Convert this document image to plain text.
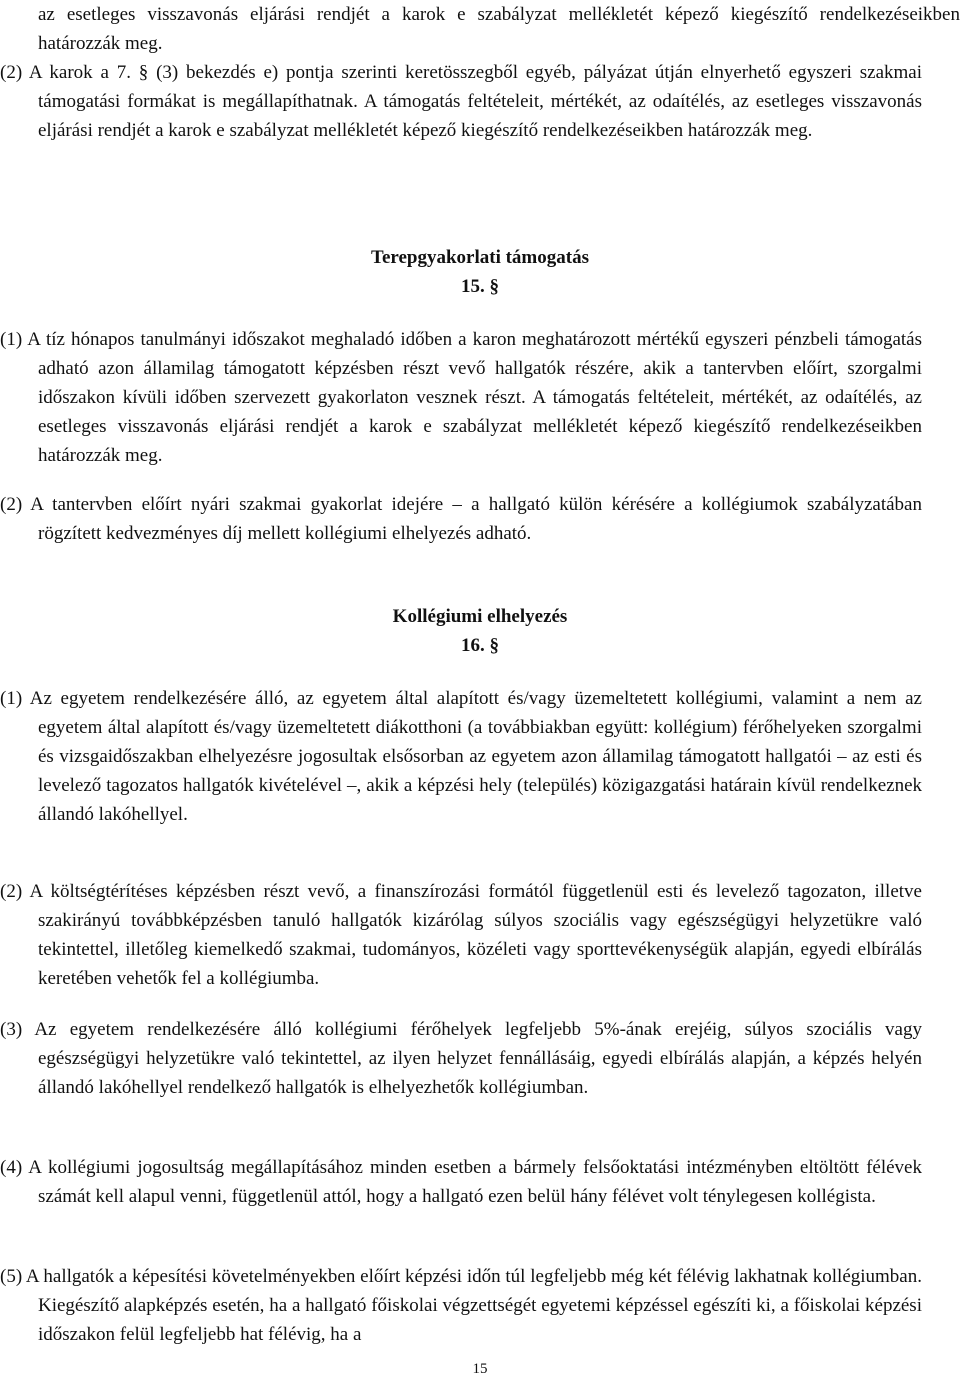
az esetleges visszavonás eljárási rendjét a karok e szabályzat mellékletét képező kiegészítő rendelkezéseikben határozzák meg.

(2) A karok a 7. § (3) bekezdés e) pontja szerinti keretösszegből egyéb, pályázat útján elnyerhető egyszeri szakmai támogatási formákat is megállapíthatnak. A támogatás feltételeit, mértékét, az odaítélés, az esetleges visszavonás eljárási rendjét a karok e szabályzat mellékletét képező kiegészítő rendelkezéseikben határozzák meg.

Terepgyakorlati támogatás

15. §

(1) A tíz hónapos tanulmányi időszakot meghaladó időben a karon meghatározott mértékű egyszeri pénzbeli támogatás adható azon államilag támogatott képzésben részt vevő hallgatók részére, akik a tantervben előírt, szorgalmi időszakon kívüli időben szervezett gyakorlaton vesznek részt. A támogatás feltételeit, mértékét, az odaítélés, az esetleges visszavonás eljárási rendjét a karok e szabályzat mellékletét képező kiegészítő rendelkezéseikben határozzák meg.

(2) A tantervben előírt nyári szakmai gyakorlat idejére – a hallgató külön kérésére a kollégiumok szabályzatában rögzített kedvezményes díj mellett kollégiumi elhelyezés adható.

Kollégiumi elhelyezés

16. §

(1) Az egyetem rendelkezésére álló, az egyetem által alapított és/vagy üzemeltetett kollégiumi, valamint a nem az egyetem által alapított és/vagy üzemeltetett diákotthoni (a továbbiakban együtt: kollégium) férőhelyeken szorgalmi és vizsgaidőszakban elhelyezésre jogosultak elsősorban az egyetem azon államilag támogatott hallgatói – az esti és levelező tagozatos hallgatók kivételével –, akik a képzési hely (település) közigazgatási határain kívül rendelkeznek állandó lakóhellyel.

(2) A költségtérítéses képzésben részt vevő, a finanszírozási formától függetlenül esti és levelező tagozaton, illetve szakirányú továbbképzésben tanuló hallgatók kizárólag súlyos szociális vagy egészségügyi helyzetükre való tekintettel, illetőleg kiemelkedő szakmai, tudományos, közéleti vagy sporttevékenységük alapján, egyedi elbírálás keretében vehetők fel a kollégiumba.

(3) Az egyetem rendelkezésére álló kollégiumi férőhelyek legfeljebb 5%-ának erejéig, súlyos szociális vagy egészségügyi helyzetükre való tekintettel, az ilyen helyzet fennállásáig, egyedi elbírálás alapján, a képzés helyén állandó lakóhellyel rendelkező hallgatók is elhelyezhetők kollégiumban.

(4) A kollégiumi jogosultság megállapításához minden esetben a bármely felsőoktatási intézményben eltöltött félévek számát kell alapul venni, függetlenül attól, hogy a hallgató ezen belül hány félévet volt ténylegesen kollégista.

(5) A hallgatók a képesítési követelményekben előírt képzési időn túl legfeljebb még két félévig lakhatnak kollégiumban. Kiegészítő alapképzés esetén, ha a hallgató főiskolai végzettségét egyetemi képzéssel egészíti ki, a főiskolai képzési időszakon felül legfeljebb hat félévig, ha a

15
